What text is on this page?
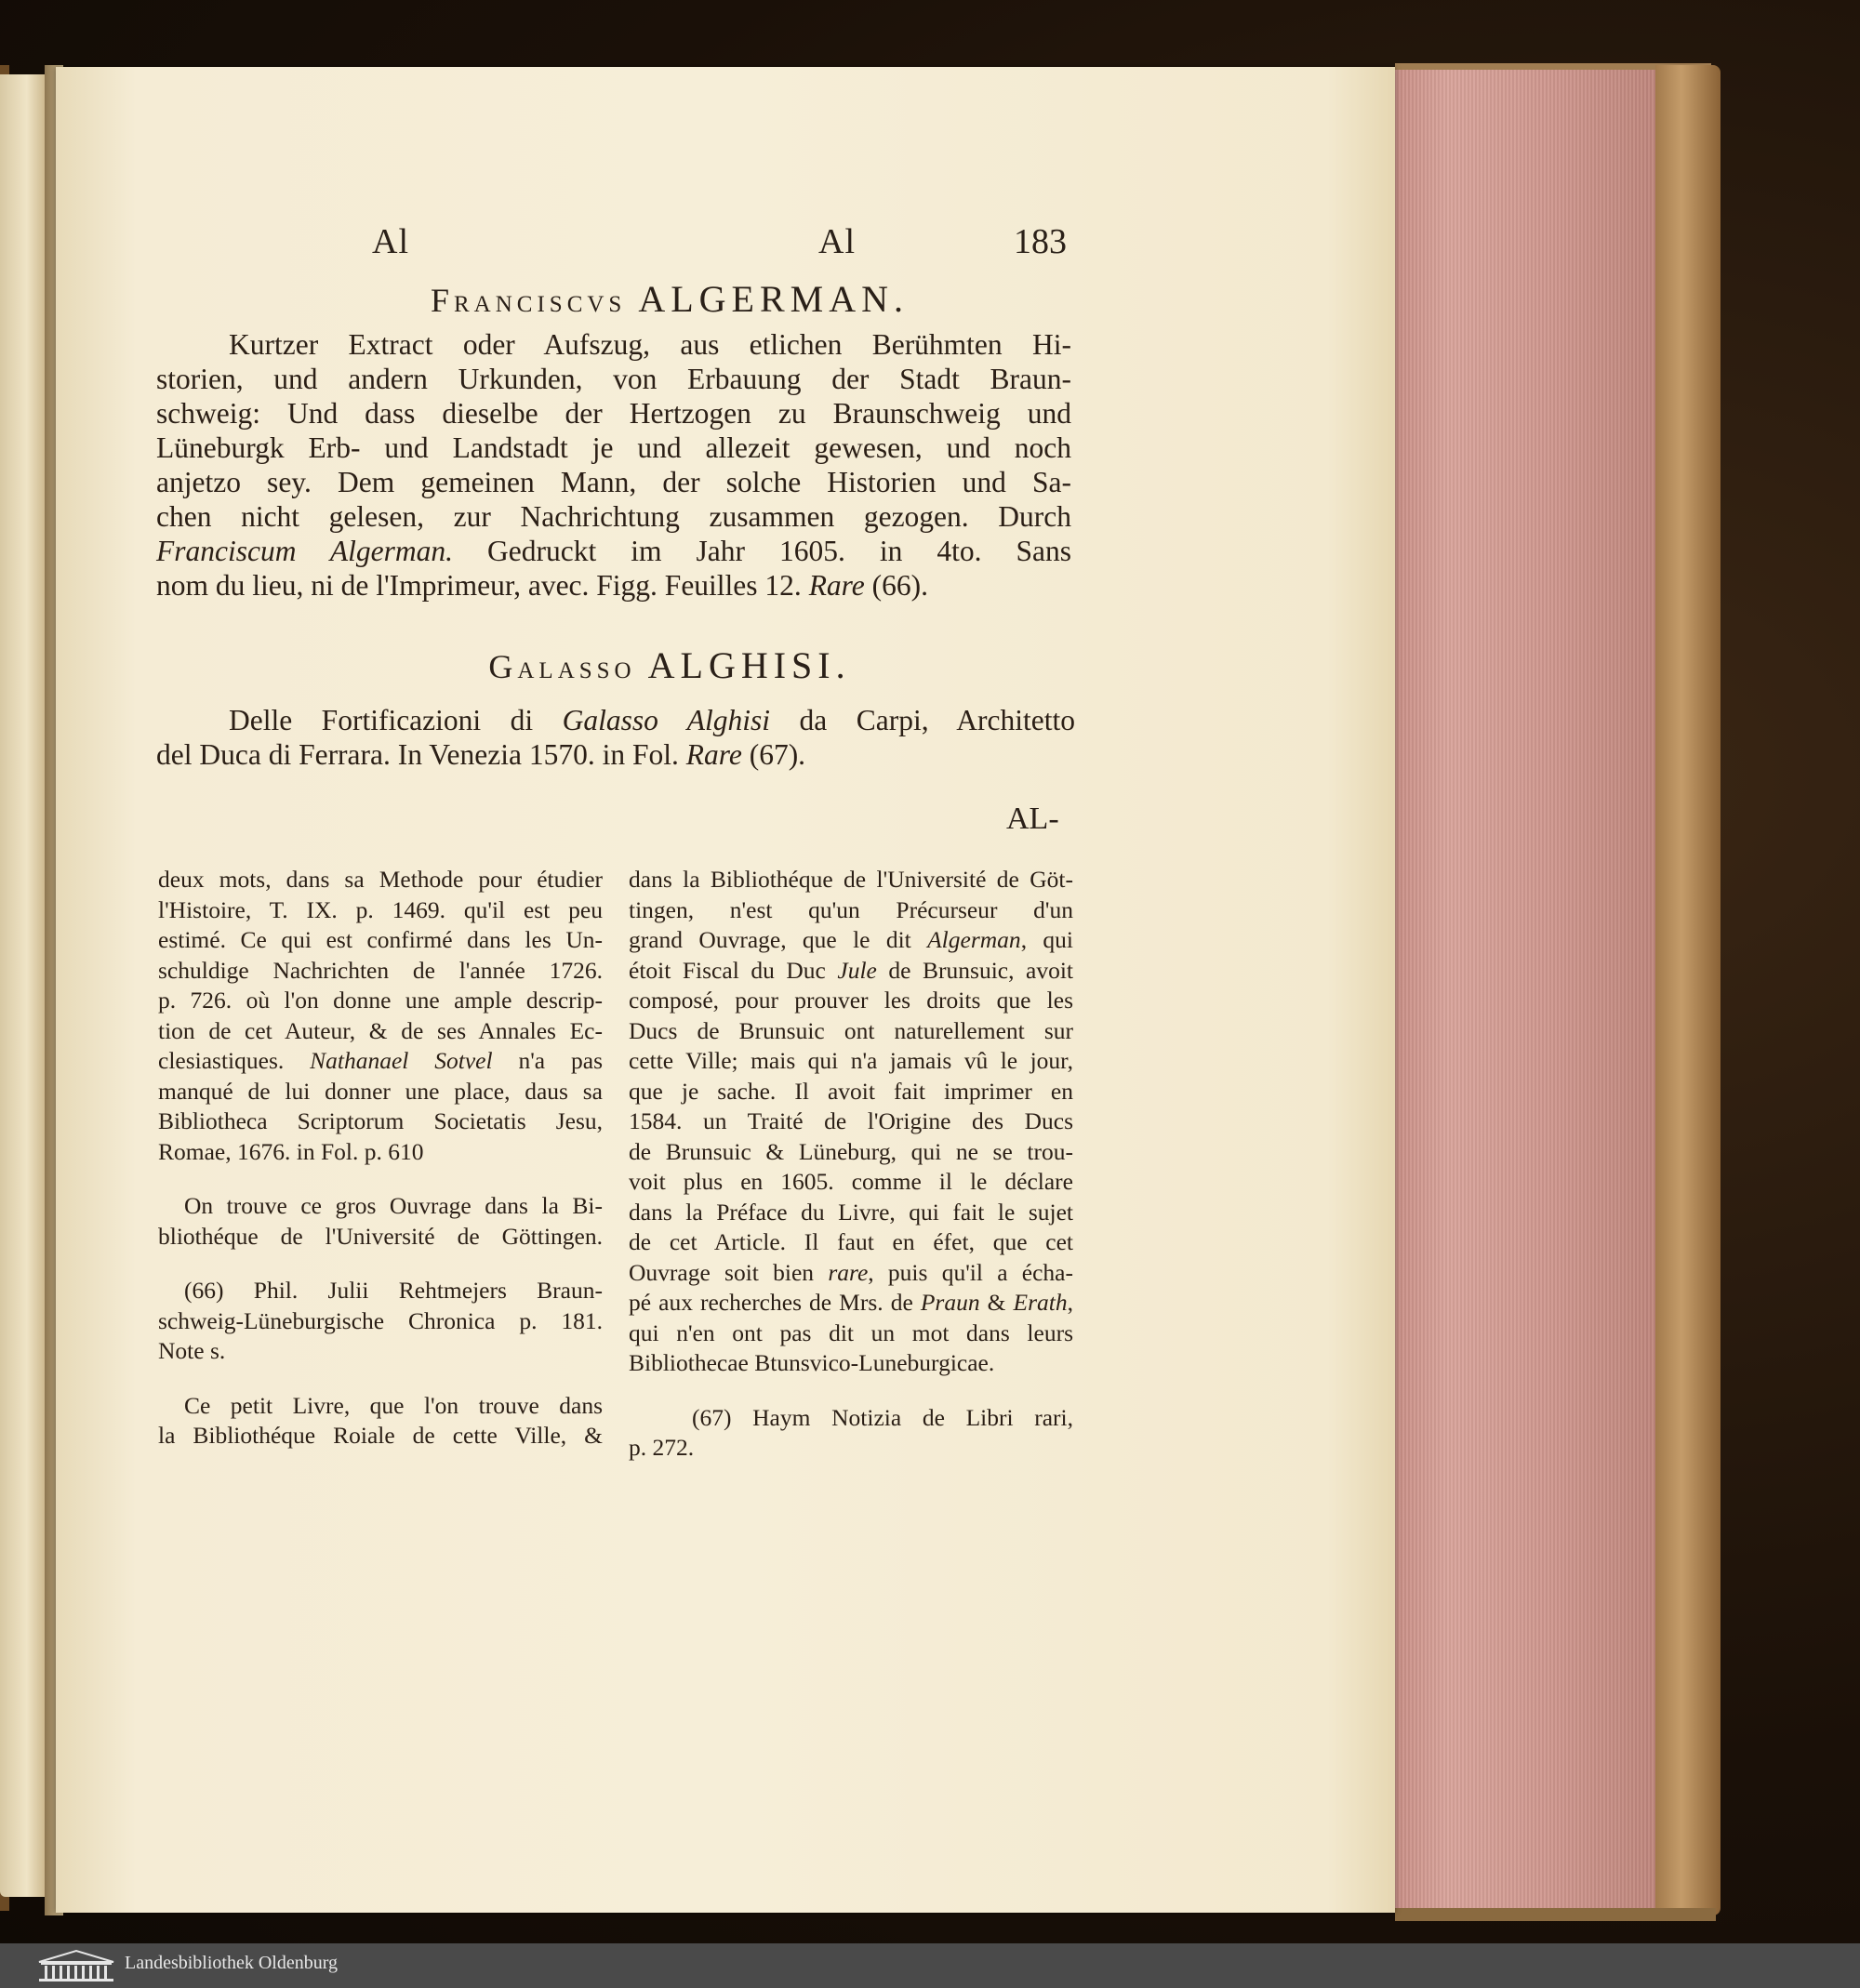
Al	Al	183
Franciscvs ALGERMAN.
Kurtzer Extract oder Aufszug, aus etlichen Berühmten Hi-
storien, und andern Urkunden, von Erbauung der Stadt Braun-
schweig: Und dass dieselbe der Hertzogen zu Braunschweig und
Lüneburgk Erb- und Landstadt je und allezeit gewesen, und noch
anjetzo sey. Dem gemeinen Mann, der solche Historien und Sa-
chen nicht gelesen, zur Nachrichtung zusammen gezogen. Durch
Franciscum Algerman. Gedruckt im Jahr 1605. in 4to. Sans
nom du lieu, ni de l'Imprimeur, avec. Figg. Feuilles 12. Rare (66).
Galasso ALGHISI.
Delle Fortificazioni di Galasso Alghisi da Carpi, Architetto
del Duca di Ferrara. In Venezia 1570. in Fol. Rare (67).
AL-
deux mots, dans sa Methode pour étudier
l'Histoire, T. IX. p. 1469. qu'il est peu
estimé. Ce qui est confirmé dans les Un-
schuldige Nachrichten de l'année 1726.
p. 726. où l'on donne une ample descrip-
tion de cet Auteur, & de ses Annales Ec-
clesiastiques. Nathanael Sotvel n'a pas
manqué de lui donner une place, daus sa
Bibliotheca Scriptorum Societatis Jesu,
Romae, 1676. in Fol. p. 610
On trouve ce gros Ouvrage dans la Bi-
bliothéque de l'Université de Göttingen.
(66) Phil. Julii Rehtmejers Braun-
schweig-Lüneburgische Chronica p. 181.
Note s.
Ce petit Livre, que l'on trouve dans
la Bibliothéque Roiale de cette Ville, &
dans la Bibliothéque de l'Université de Göt-
tingen, n'est qu'un Précurseur d'un
grand Ouvrage, que le dit Algerman, qui
étoit Fiscal du Duc Jule de Brunsuic, avoit
composé, pour prouver les droits que les
Ducs de Brunsuic ont naturellement sur
cette Ville; mais qui n'a jamais vû le jour,
que je sache. Il avoit fait imprimer en
1584. un Traité de l'Origine des Ducs
de Brunsuic & Lüneburg, qui ne se trou-
voit plus en 1605. comme il le déclare
dans la Préface du Livre, qui fait le sujet
de cet Article. Il faut en éfet, que cet
Ouvrage soit bien rare, puis qu'il a écha-
pé aux recherches de Mrs. de Praun & Erath,
qui n'en ont pas dit un mot dans leurs
Bibliothecae Btunsvico-Luneburgicae.
(67) Haym Notizia de Libri rari,
p. 272.
Landesbibliothek Oldenburg
